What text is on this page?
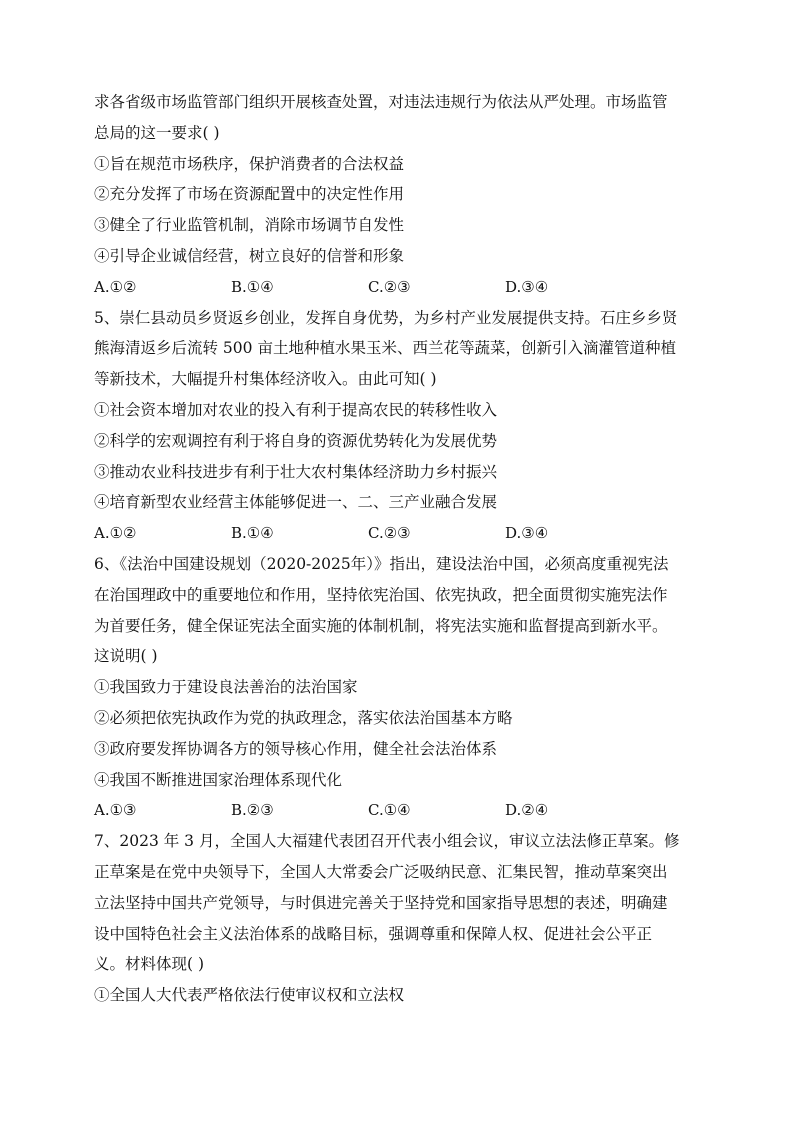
求各省级市场监管部门组织开展核查处置，对违法违规行为依法从严处理。市场监管
总局的这一要求( )
①旨在规范市场秩序，保护消费者的合法权益
②充分发挥了市场在资源配置中的决定性作用
③健全了行业监管机制，消除市场调节自发性
④引导企业诚信经营，树立良好的信誉和形象
A.①②	B.①④	C.②③	D.③④
5、崇仁县动员乡贤返乡创业，发挥自身优势，为乡村产业发展提供支持。石庄乡乡贤
熊海清返乡后流转 500 亩土地种植水果玉米、西兰花等蔬菜，创新引入滴灌管道种植
等新技术，大幅提升村集体经济收入。由此可知( )
①社会资本增加对农业的投入有利于提高农民的转移性收入
②科学的宏观调控有利于将自身的资源优势转化为发展优势
③推动农业科技进步有利于壮大农村集体经济助力乡村振兴
④培育新型农业经营主体能够促进一、二、三产业融合发展
A.①②	B.①④	C.②③	D.③④
6、《法治中国建设规划（2020-2025年）》指出，建设法治中国，必须高度重视宪法
在治国理政中的重要地位和作用，坚持依宪治国、依宪执政，把全面贯彻实施宪法作
为首要任务，健全保证宪法全面实施的体制机制，将宪法实施和监督提高到新水平。
这说明( )
①我国致力于建设良法善治的法治国家
②必须把依宪执政作为党的执政理念，落实依法治国基本方略
③政府要发挥协调各方的领导核心作用，健全社会法治体系
④我国不断推进国家治理体系现代化
A.①③	B.②③	C.①④	D.②④
7、2023 年 3 月，全国人大福建代表团召开代表小组会议，审议立法法修正草案。修
正草案是在党中央领导下，全国人大常委会广泛吸纳民意、汇集民智，推动草案突出
立法坚持中国共产党领导，与时俱进完善关于坚持党和国家指导思想的表述，明确建
设中国特色社会主义法治体系的战略目标，强调尊重和保障人权、促进社会公平正
义。材料体现( )
①全国人大代表严格依法行使审议权和立法权
